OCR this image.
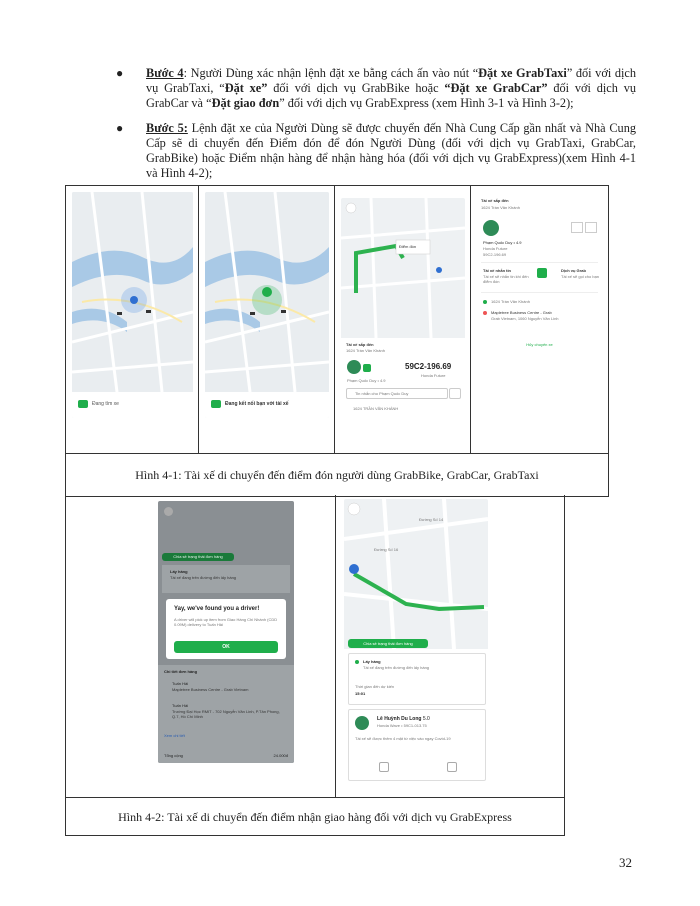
● Bước 4: Người Dùng xác nhận lệnh đặt xe bằng cách ấn vào nút “Đặt xe GrabTaxi” đối với dịch vụ GrabTaxi, “Đặt xe” đối với dịch vụ GrabBike hoặc “Đặt xe GrabCar” đối với dịch vụ GrabCar và “Đặt giao đơn” đối với dịch vụ GrabExpress (xem Hình 3-1 và Hình 3-2);
● Bước 5: Lệnh đặt xe của Người Dùng sẽ được chuyển đến Nhà Cung Cấp gần nhất và Nhà Cung Cấp sẽ di chuyển đến Điểm đón để đón Người Dùng (đối với dịch vụ GrabTaxi, GrabCar, GrabBike) hoặc Điểm nhận hàng để nhận hàng hóa (đối với dịch vụ GrabExpress)(xem Hình 4-1 và Hình 4-2);
Đang tìm xe	Đang kết nối bạn với tài xế
Điểm đón
Tài xế sắp đến
1624 Trần Văn Khánh
59C2-196.69
Honda Future
Phạm Quốc Duy • 4.9
Tin nhắn cho Phạm Quốc Duy
1624 TRẦN VĂN KHÁNH
Tài xế sắp đến
1624 Trần Văn Khánh
Phạm Quốc Duy • 4.9
Honda Future
59C2-196.69
Tài xế nhắn tin
Tài xế sẽ nhắn tin khi đến điểm đón
Dịch vụ Grab
Tài xế sẽ gọi cho bạn
1624 Trần Văn Khánh
Mapletree Business Centre - Grab
Grab Vietnam, 1060 Nguyễn Văn Linh
Hủy chuyến xe
Hình 4-1: Tài xế di chuyển đến điểm đón người dùng GrabBike, GrabCar, GrabTaxi
Chia sẻ trạng thái đơn hàng
Lấy hàng
Tài xế đang trên đường đến lấy hàng
Yay, we've found you a driver!
A driver will pick up item from Giao Hàng Chi Nhánh (CDD 0.09M) delivery to Tuấn Hải
OK
Chi tiết đơn hàng
Tuấn Hải
Mapletree Business Centre - Grab Vietnam
Tuấn Hải
Trường Đại Học RMIT - 702 Nguyễn Văn Linh, P.Tân Phong, Q.7, Hồ Chí Minh
Xem chi tiết
Tổng cộng	24.000đ
Đường Số 16
Đường Số 14
Chia sẻ trạng thái đơn hàng
Lấy hàng
Tài xế đang trên đường đến lấy hàng
Thời gian đến dự kiến
15:01
Lê Huỳnh Du Long 5.0
Honda Wave • 59C1-013.75
Tài xế sẽ được thêm 4 mặt từ việc vào ngay Covid-19
Hình 4-2: Tài xế di chuyển đến điểm nhận giao hàng đối với dịch vụ GrabExpress
32
